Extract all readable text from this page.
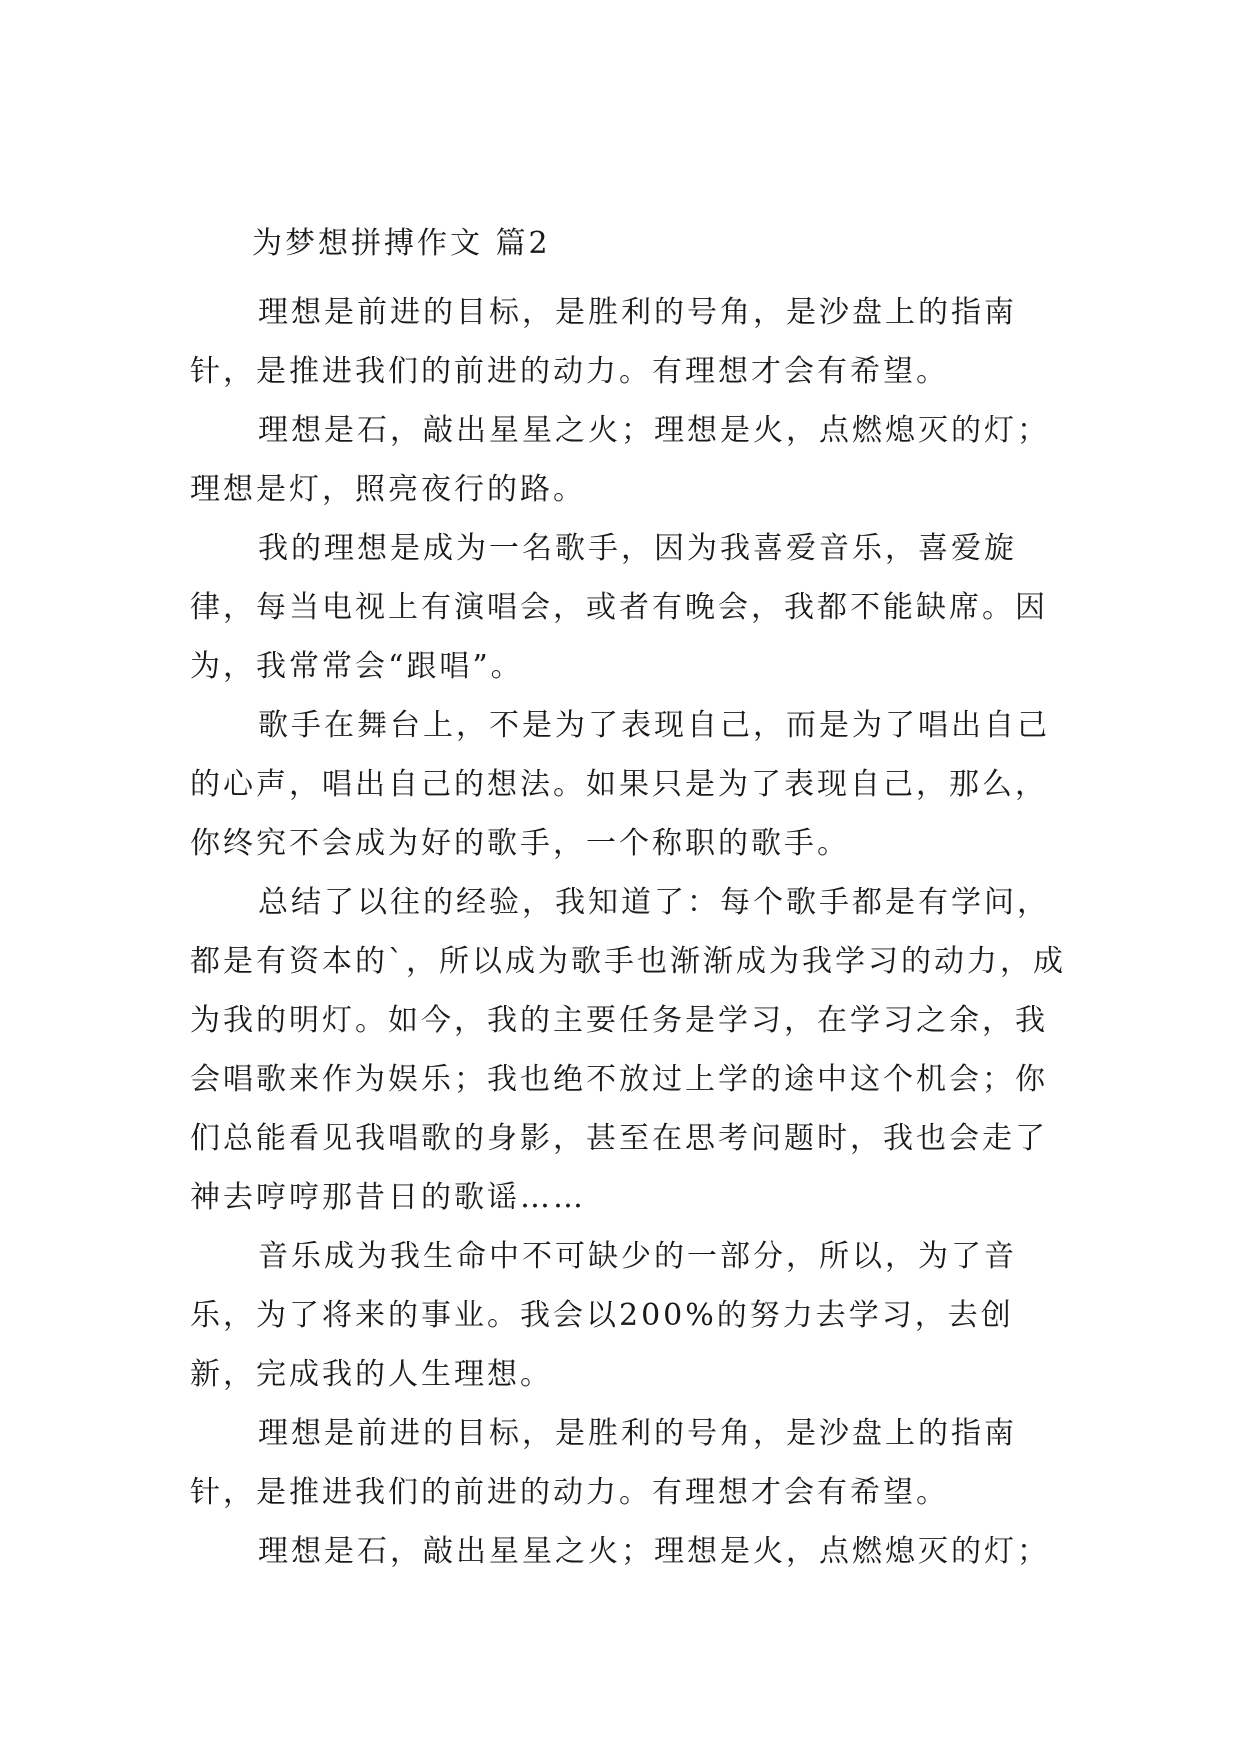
为梦想拼搏作文 篇2

理想是前进的目标，是胜利的号角，是沙盘上的指南针，是推进我们的前进的动力。有理想才会有希望。

理想是石，敲出星星之火；理想是火，点燃熄灭的灯；理想是灯，照亮夜行的路。

我的理想是成为一名歌手，因为我喜爱音乐，喜爱旋律，每当电视上有演唱会，或者有晚会，我都不能缺席。因为，我常常会“跟唱”。

歌手在舞台上，不是为了表现自己，而是为了唱出自己的心声，唱出自己的想法。如果只是为了表现自己，那么，你终究不会成为好的歌手，一个称职的歌手。

总结了以往的经验，我知道了：每个歌手都是有学问，都是有资本的`，所以成为歌手也渐渐成为我学习的动力，成为我的明灯。如今，我的主要任务是学习，在学习之余，我会唱歌来作为娱乐；我也绝不放过上学的途中这个机会；你们总能看见我唱歌的身影，甚至在思考问题时，我也会走了神去哼哼那昔日的歌谣……

音乐成为我生命中不可缺少的一部分，所以，为了音乐，为了将来的事业。我会以200%的努力去学习，去创新，完成我的人生理想。

理想是前进的目标，是胜利的号角，是沙盘上的指南针，是推进我们的前进的动力。有理想才会有希望。

理想是石，敲出星星之火；理想是火，点燃熄灭的灯；
